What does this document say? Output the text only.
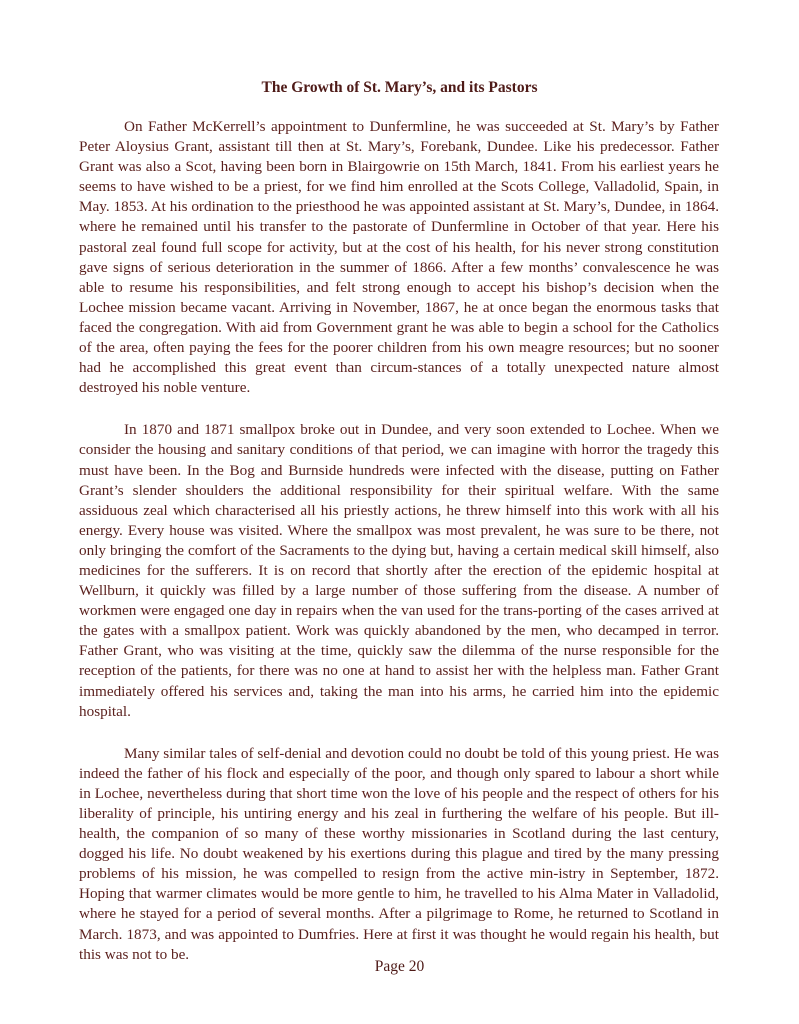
The Growth of St. Mary’s, and its Pastors

On Father McKerrell’s appointment to Dunfermline, he was succeeded at St. Mary’s by Father Peter Aloysius Grant, assistant till then at St. Mary’s, Forebank, Dundee. Like his predecessor. Father Grant was also a Scot, having been born in Blairgowrie on 15th March, 1841. From his earliest years he seems to have wished to be a priest, for we find him enrolled at the Scots College, Valladolid, Spain, in May. 1853. At his ordination to the priesthood he was appointed assistant at St. Mary’s, Dundee, in 1864. where he remained until his transfer to the pastorate of Dunfermline in October of that year. Here his pastoral zeal found full scope for activity, but at the cost of his health, for his never strong constitution gave signs of serious deterioration in the summer of 1866. After a few months’ convalescence he was able to resume his responsibilities, and felt strong enough to accept his bishop’s decision when the Lochee mission became vacant. Arriving in November, 1867, he at once began the enormous tasks that faced the congregation. With aid from Government grant he was able to begin a school for the Catholics of the area, often paying the fees for the poorer children from his own meagre resources; but no sooner had he accomplished this great event than circum-stances of a totally unexpected nature almost destroyed his noble venture.

In 1870 and 1871 smallpox broke out in Dundee, and very soon extended to Lochee. When we consider the housing and sanitary conditions of that period, we can imagine with horror the tragedy this must have been. In the Bog and Burnside hundreds were infected with the disease, putting on Father Grant’s slender shoulders the additional responsibility for their spiritual welfare. With the same assiduous zeal which characterised all his priestly actions, he threw himself into this work with all his energy. Every house was visited. Where the smallpox was most prevalent, he was sure to be there, not only bringing the comfort of the Sacraments to the dying but, having a certain medical skill himself, also medicines for the sufferers. It is on record that shortly after the erection of the epidemic hospital at Wellburn, it quickly was filled by a large number of those suffering from the disease. A number of workmen were engaged one day in repairs when the van used for the trans-porting of the cases arrived at the gates with a smallpox patient. Work was quickly abandoned by the men, who decamped in terror. Father Grant, who was visiting at the time, quickly saw the dilemma of the nurse responsible for the reception of the patients, for there was no one at hand to assist her with the helpless man. Father Grant immediately offered his services and, taking the man into his arms, he carried him into the epidemic hospital.

Many similar tales of self-denial and devotion could no doubt be told of this young priest. He was indeed the father of his flock and especially of the poor, and though only spared to labour a short while in Lochee, nevertheless during that short time won the love of his people and the respect of others for his liberality of principle, his untiring energy and his zeal in furthering the welfare of his people. But ill-health, the companion of so many of these worthy missionaries in Scotland during the last century, dogged his life. No doubt weakened by his exertions during this plague and tired by the many pressing problems of his mission, he was compelled to resign from the active min-istry in September, 1872. Hoping that warmer climates would be more gentle to him, he travelled to his Alma Mater in Valladolid, where he stayed for a period of several months. After a pilgrimage to Rome, he returned to Scotland in March. 1873, and was appointed to Dumfries. Here at first it was thought he would regain his health, but this was not to be.

Page 20
